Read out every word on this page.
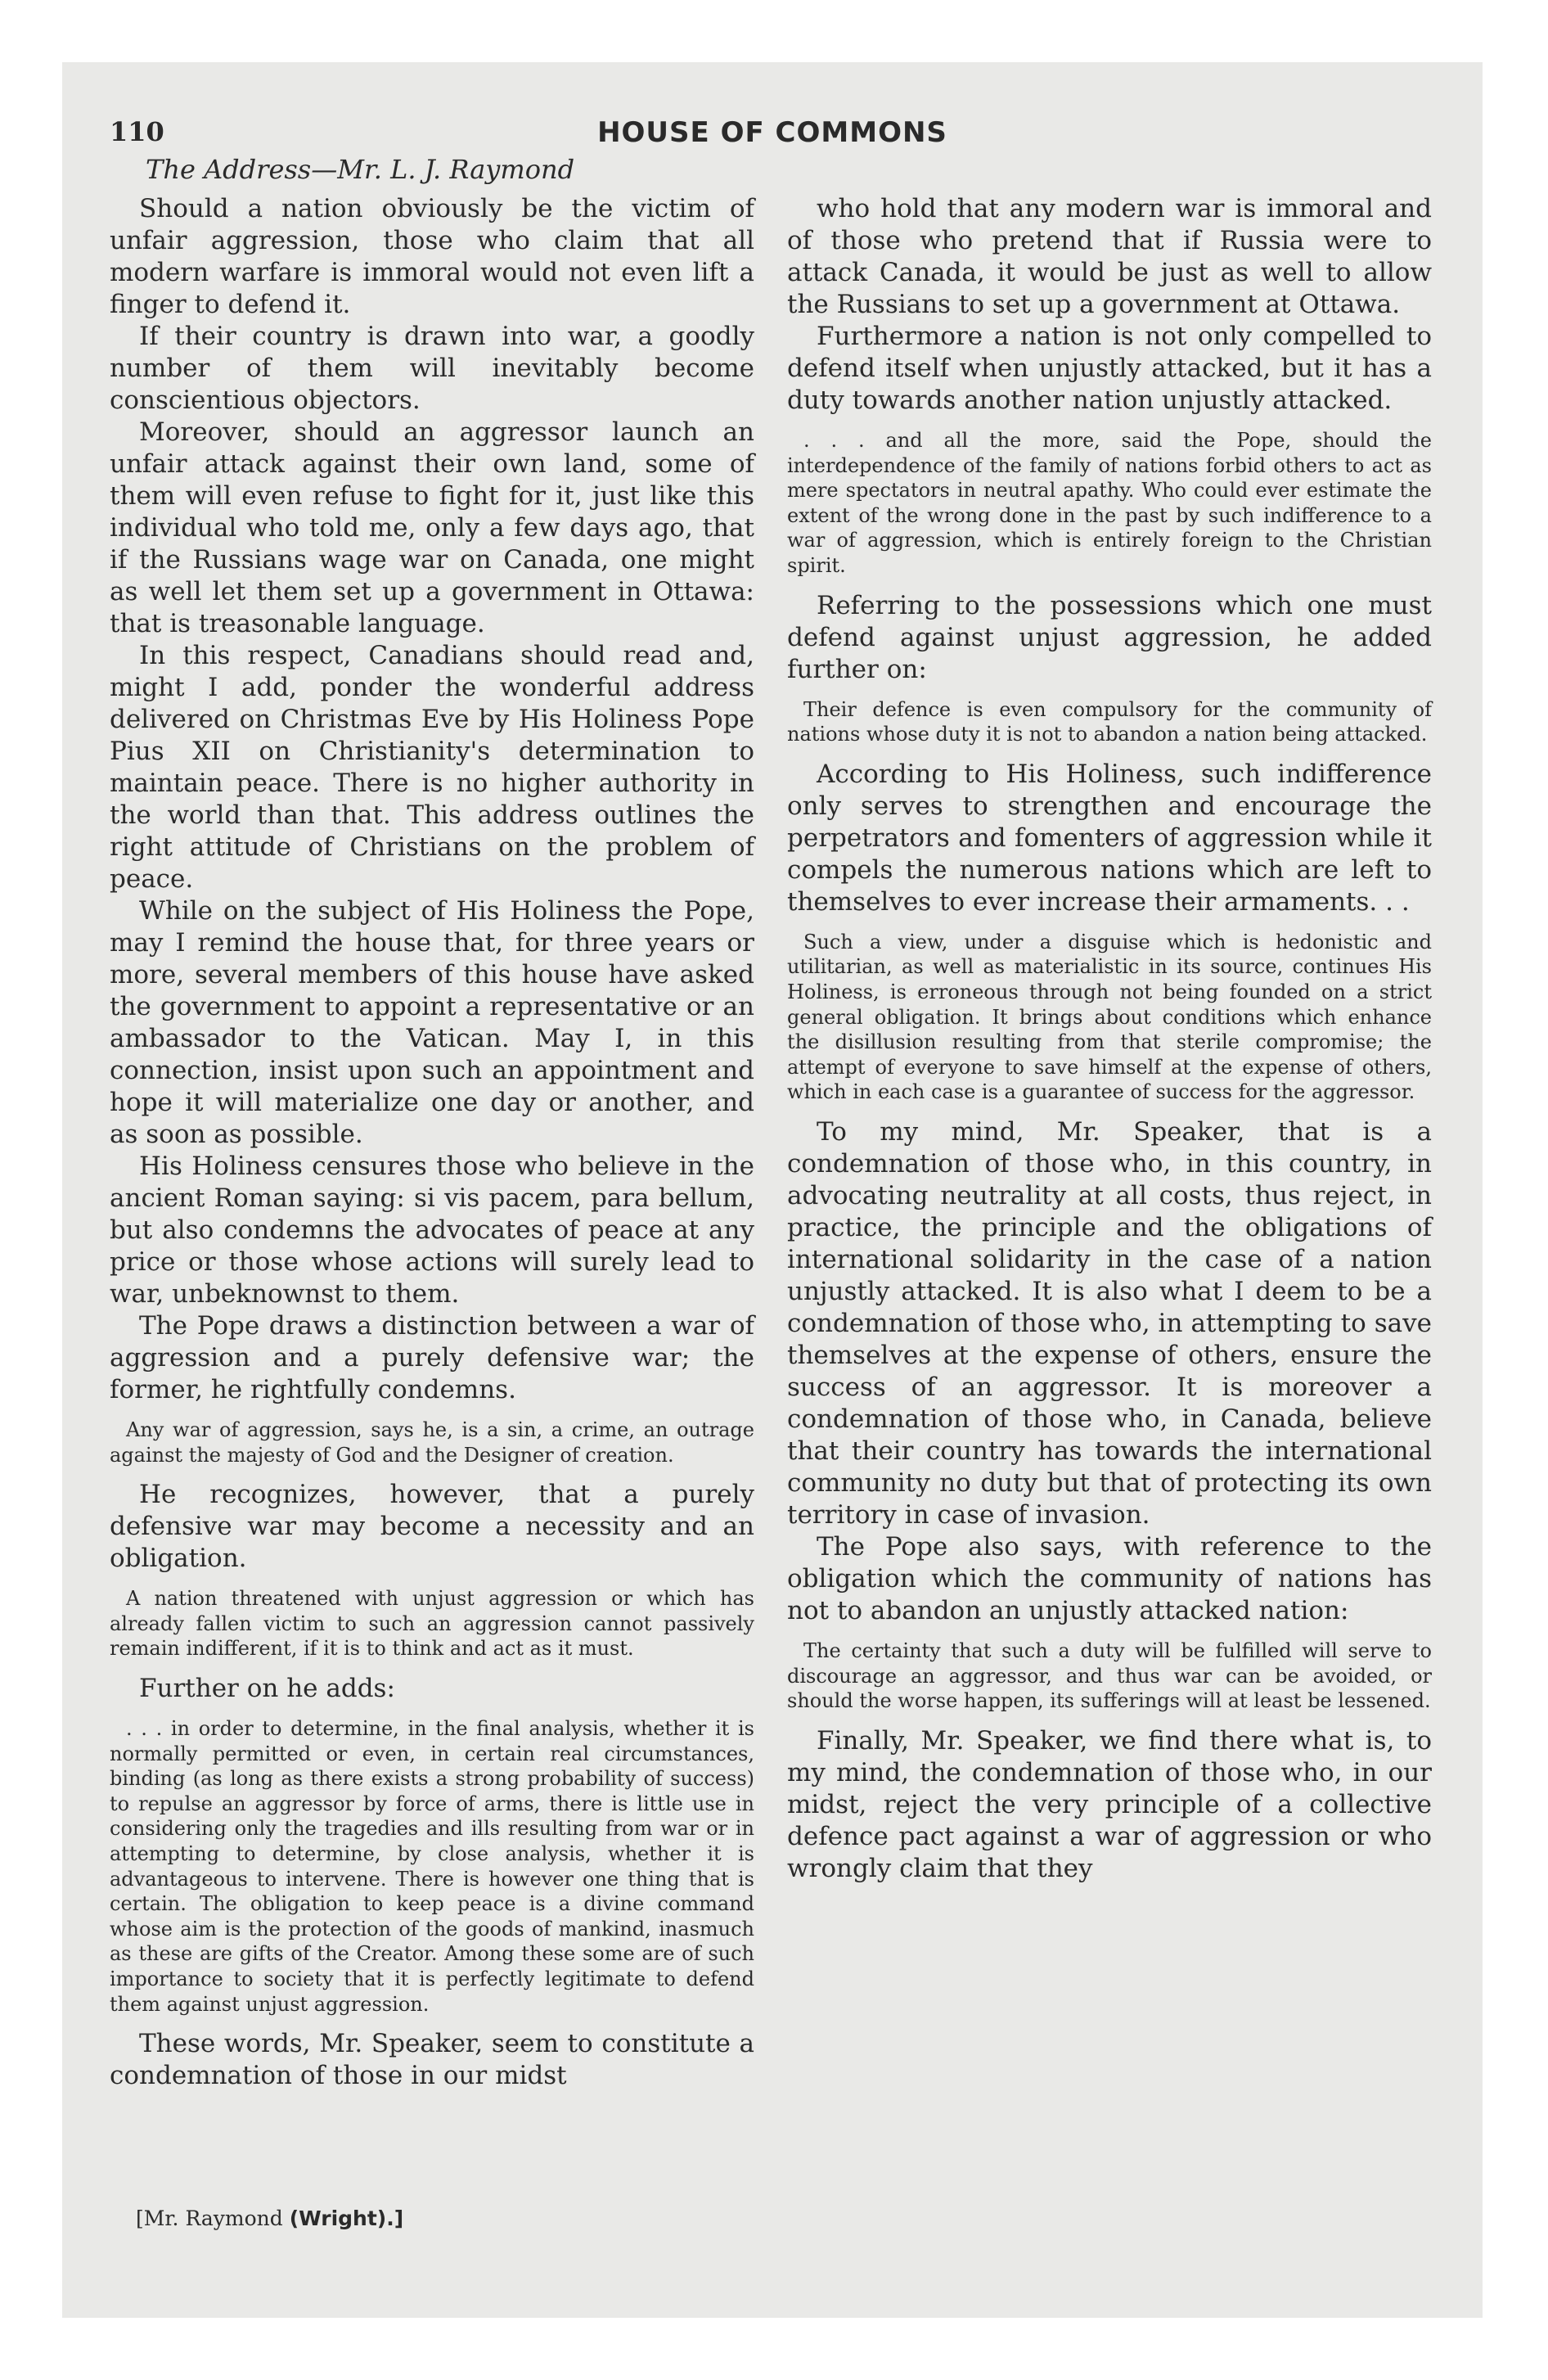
110	HOUSE OF COMMONS
The Address—Mr. L. J. Raymond

Should a nation obviously be the victim of unfair aggression, those who claim that all modern warfare is immoral would not even lift a finger to defend it.

If their country is drawn into war, a goodly number of them will inevitably become conscientious objectors.

Moreover, should an aggressor launch an unfair attack against their own land, some of them will even refuse to fight for it, just like this individual who told me, only a few days ago, that if the Russians wage war on Canada, one might as well let them set up a government in Ottawa: that is treasonable language.

In this respect, Canadians should read and, might I add, ponder the wonderful address delivered on Christmas Eve by His Holiness Pope Pius XII on Christianity's determination to maintain peace. There is no higher authority in the world than that. This address outlines the right attitude of Christians on the problem of peace.

While on the subject of His Holiness the Pope, may I remind the house that, for three years or more, several members of this house have asked the government to appoint a representative or an ambassador to the Vatican. May I, in this connection, insist upon such an appointment and hope it will materialize one day or another, and as soon as possible.

His Holiness censures those who believe in the ancient Roman saying: si vis pacem, para bellum, but also condemns the advocates of peace at any price or those whose actions will surely lead to war, unbeknownst to them.

The Pope draws a distinction between a war of aggression and a purely defensive war; the former, he rightfully condemns.

Any war of aggression, says he, is a sin, a crime, an outrage against the majesty of God and the Designer of creation.

He recognizes, however, that a purely defensive war may become a necessity and an obligation.

A nation threatened with unjust aggression or which has already fallen victim to such an aggression cannot passively remain indifferent, if it is to think and act as it must.

Further on he adds:

. . . in order to determine, in the final analysis, whether it is normally permitted or even, in certain real circumstances, binding (as long as there exists a strong probability of success) to repulse an aggressor by force of arms, there is little use in considering only the tragedies and ills resulting from war or in attempting to determine, by close analysis, whether it is advantageous to intervene. There is however one thing that is certain. The obligation to keep peace is a divine command whose aim is the protection of the goods of mankind, inasmuch as these are gifts of the Creator. Among these some are of such importance to society that it is perfectly legitimate to defend them against unjust aggression.

These words, Mr. Speaker, seem to constitute a condemnation of those in our midst

who hold that any modern war is immoral and of those who pretend that if Russia were to attack Canada, it would be just as well to allow the Russians to set up a government at Ottawa.

Furthermore a nation is not only compelled to defend itself when unjustly attacked, but it has a duty towards another nation unjustly attacked.

. . . and all the more, said the Pope, should the interdependence of the family of nations forbid others to act as mere spectators in neutral apathy. Who could ever estimate the extent of the wrong done in the past by such indifference to a war of aggression, which is entirely foreign to the Christian spirit.

Referring to the possessions which one must defend against unjust aggression, he added further on:

Their defence is even compulsory for the community of nations whose duty it is not to abandon a nation being attacked.

According to His Holiness, such indifference only serves to strengthen and encourage the perpetrators and fomenters of aggression while it compels the numerous nations which are left to themselves to ever increase their armaments. . .

Such a view, under a disguise which is hedonistic and utilitarian, as well as materialistic in its source, continues His Holiness, is erroneous through not being founded on a strict general obligation. It brings about conditions which enhance the disillusion resulting from that sterile compromise; the attempt of everyone to save himself at the expense of others, which in each case is a guarantee of success for the aggressor.

To my mind, Mr. Speaker, that is a condemnation of those who, in this country, in advocating neutrality at all costs, thus reject, in practice, the principle and the obligations of international solidarity in the case of a nation unjustly attacked. It is also what I deem to be a condemnation of those who, in attempting to save themselves at the expense of others, ensure the success of an aggressor. It is moreover a condemnation of those who, in Canada, believe that their country has towards the international community no duty but that of protecting its own territory in case of invasion.

The Pope also says, with reference to the obligation which the community of nations has not to abandon an unjustly attacked nation:

The certainty that such a duty will be fulfilled will serve to discourage an aggressor, and thus war can be avoided, or should the worse happen, its sufferings will at least be lessened.

Finally, Mr. Speaker, we find there what is, to my mind, the condemnation of those who, in our midst, reject the very principle of a collective defence pact against a war of aggression or who wrongly claim that they

[Mr. Raymond (Wright).]
